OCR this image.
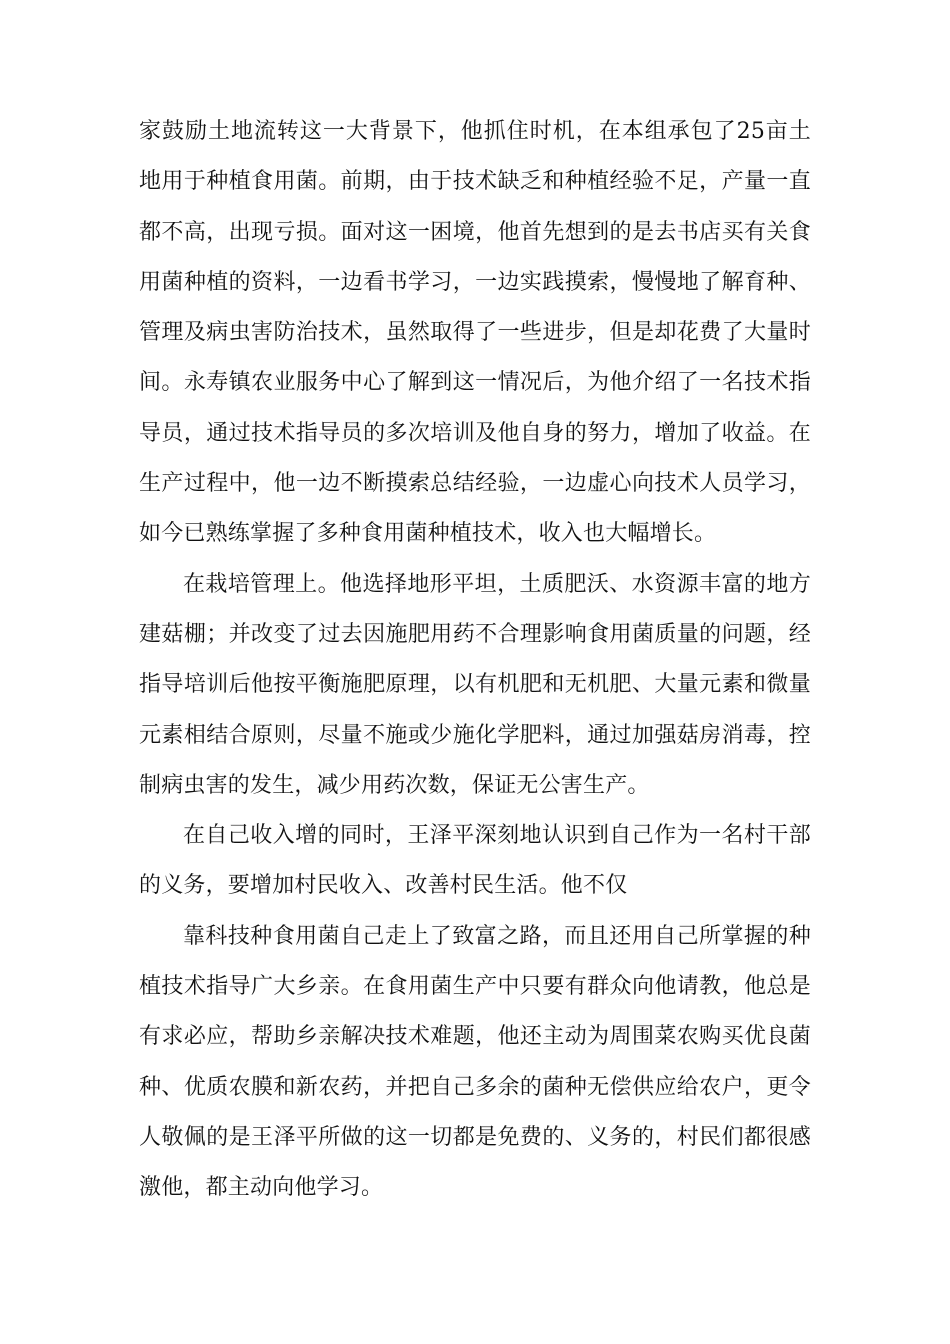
家鼓励土地流转这一大背景下，他抓住时机，在本组承包了25亩土地用于种植食用菌。前期，由于技术缺乏和种植经验不足，产量一直都不高，出现亏损。面对这一困境，他首先想到的是去书店买有关食用菌种植的资料，一边看书学习，一边实践摸索，慢慢地了解育种、管理及病虫害防治技术，虽然取得了一些进步，但是却花费了大量时间。永寿镇农业服务中心了解到这一情况后，为他介绍了一名技术指导员，通过技术指导员的多次培训及他自身的努力，增加了收益。在生产过程中，他一边不断摸索总结经验，一边虚心向技术人员学习，如今已熟练掌握了多种食用菌种植技术，收入也大幅增长。

在栽培管理上。他选择地形平坦，土质肥沃、水资源丰富的地方建菇棚；并改变了过去因施肥用药不合理影响食用菌质量的问题，经指导培训后他按平衡施肥原理，以有机肥和无机肥、大量元素和微量元素相结合原则，尽量不施或少施化学肥料，通过加强菇房消毒，控制病虫害的发生，减少用药次数，保证无公害生产。

在自己收入增的同时，王泽平深刻地认识到自己作为一名村干部的义务，要增加村民收入、改善村民生活。他不仅

靠科技种食用菌自己走上了致富之路，而且还用自己所掌握的种植技术指导广大乡亲。在食用菌生产中只要有群众向他请教，他总是有求必应，帮助乡亲解决技术难题，他还主动为周围菜农购买优良菌种、优质农膜和新农药，并把自己多余的菌种无偿供应给农户，更令人敬佩的是王泽平所做的这一切都是免费的、义务的，村民们都很感激他，都主动向他学习。
